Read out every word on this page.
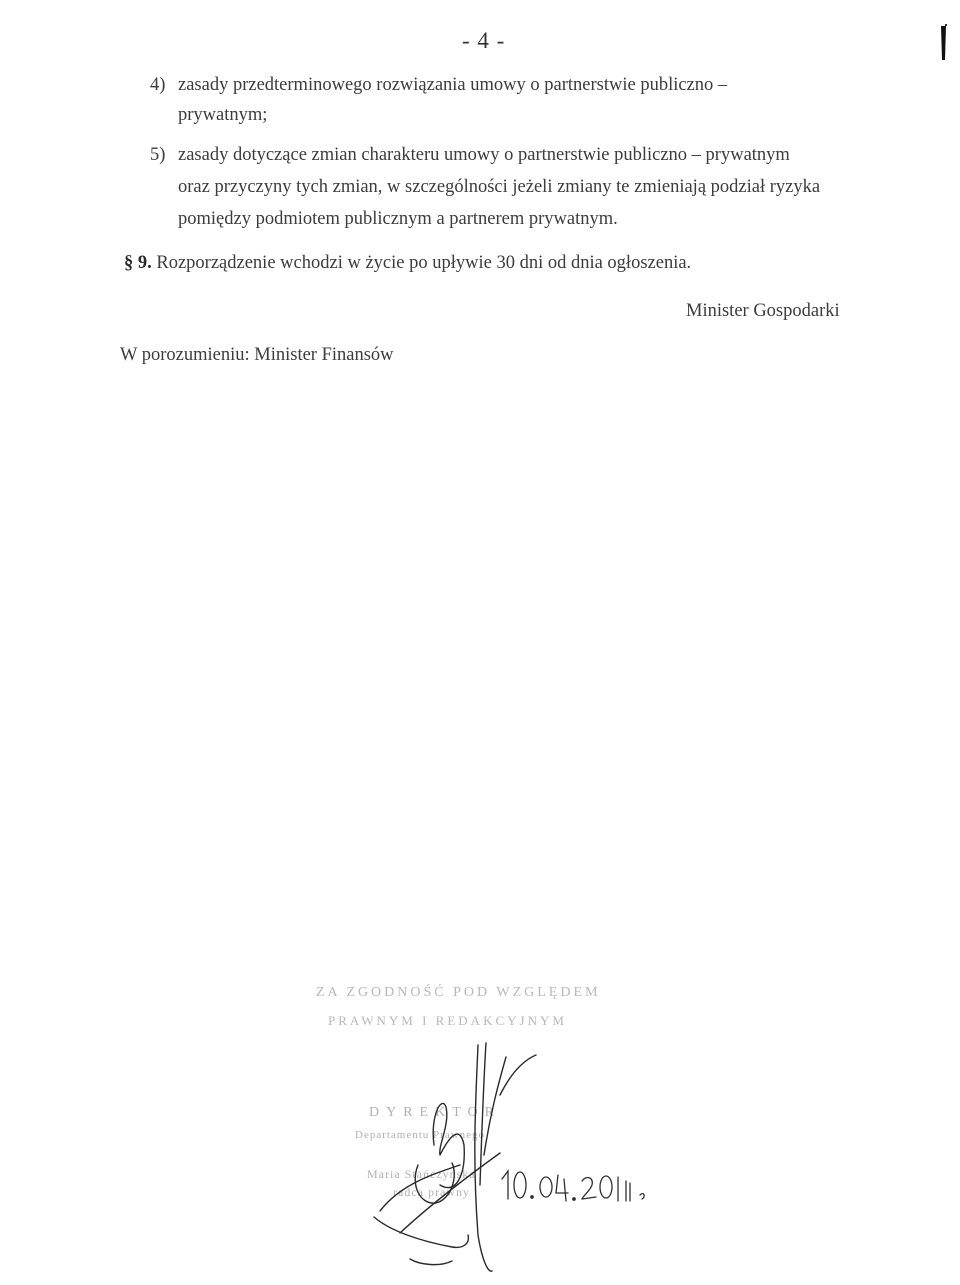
- 4 -
4) zasady przedterminowego rozwiązania umowy o partnerstwie publiczno –
prywatnym;
5) zasady dotyczące zmian charakteru umowy o partnerstwie publiczno – prywatnym
oraz przyczyny tych zmian, w szczególności jeżeli zmiany te zmieniają podział ryzyka
pomiędzy podmiotem publicznym a partnerem prywatnym.
§ 9. Rozporządzenie wchodzi w życie po upływie 30 dni od dnia ogłoszenia.
Minister Gospodarki
W porozumieniu: Minister Finansów
ZA ZGODNOŚĆ POD WZGLĘDEM
PRAWNYM I REDAKCYJNYM
DYREKTOR
Departamentu Prawnego
Maria Stańczyńska
radca prawny
10.04.2006 r.
